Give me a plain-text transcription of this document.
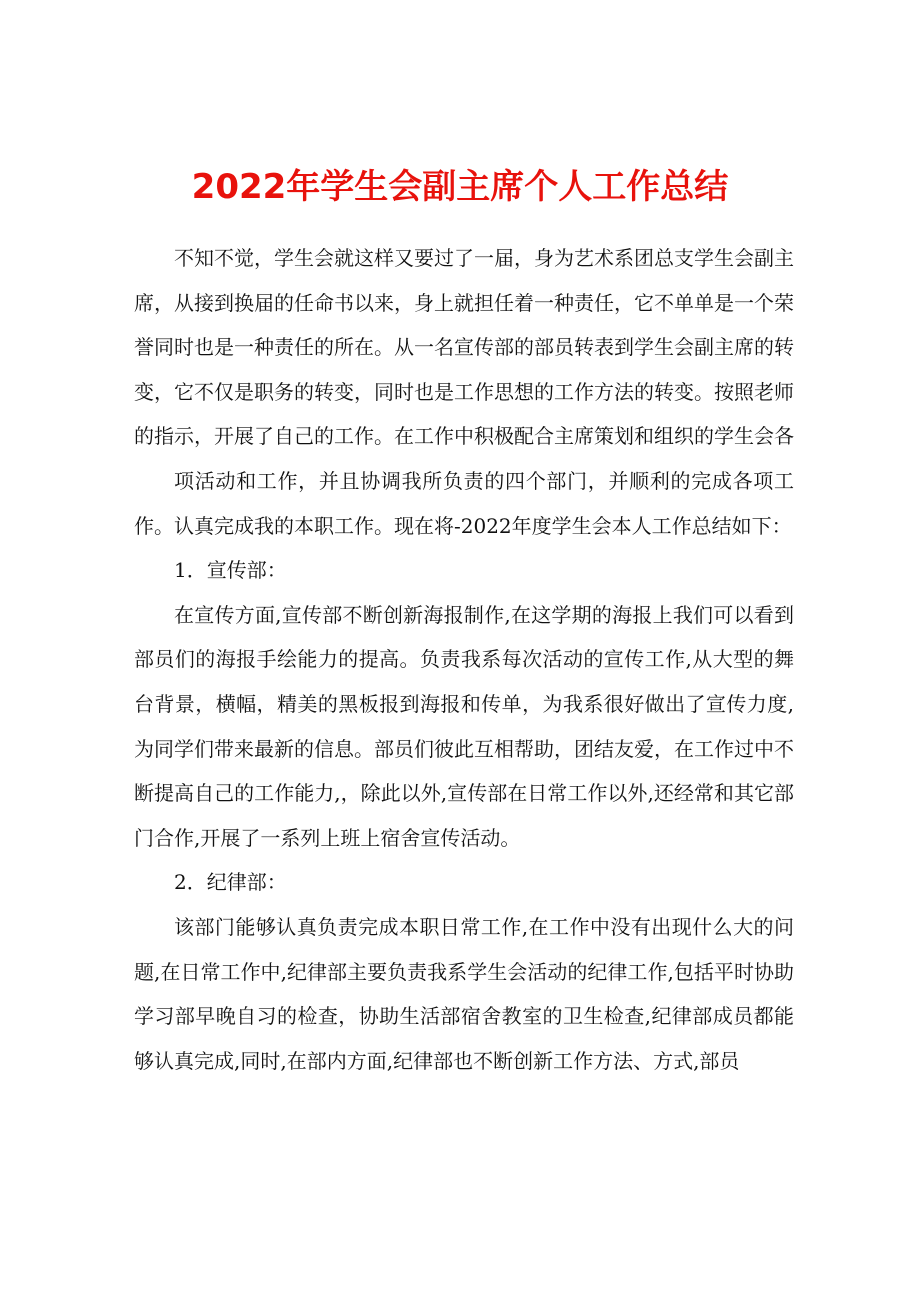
2022年学生会副主席个人工作总结

不知不觉，学生会就这样又要过了一届，身为艺术系团总支学生会副主席，从接到换届的任命书以来，身上就担任着一种责任，它不单单是一个荣誉同时也是一种责任的所在。从一名宣传部的部员转表到学生会副主席的转变，它不仅是职务的转变，同时也是工作思想的工作方法的转变。按照老师的指示，开展了自己的工作。在工作中积极配合主席策划和组织的学生会各

项活动和工作，并且协调我所负责的四个部门，并顺利的完成各项工作。认真完成我的本职工作。现在将-2022年度学生会本人工作总结如下：

1．宣传部：

在宣传方面,宣传部不断创新海报制作,在这学期的海报上我们可以看到部员们的海报手绘能力的提高。负责我系每次活动的宣传工作,从大型的舞台背景，横幅，精美的黑板报到海报和传单，为我系很好做出了宣传力度,为同学们带来最新的信息。部员们彼此互相帮助，团结友爱，在工作过中不断提高自己的工作能力,，除此以外,宣传部在日常工作以外,还经常和其它部门合作,开展了一系列上班上宿舍宣传活动。

2．纪律部：

该部门能够认真负责完成本职日常工作,在工作中没有出现什么大的问题,在日常工作中,纪律部主要负责我系学生会活动的纪律工作,包括平时协助学习部早晚自习的检查，协助生活部宿舍教室的卫生检查,纪律部成员都能够认真完成,同时,在部内方面,纪律部也不断创新工作方法、方式,部员
